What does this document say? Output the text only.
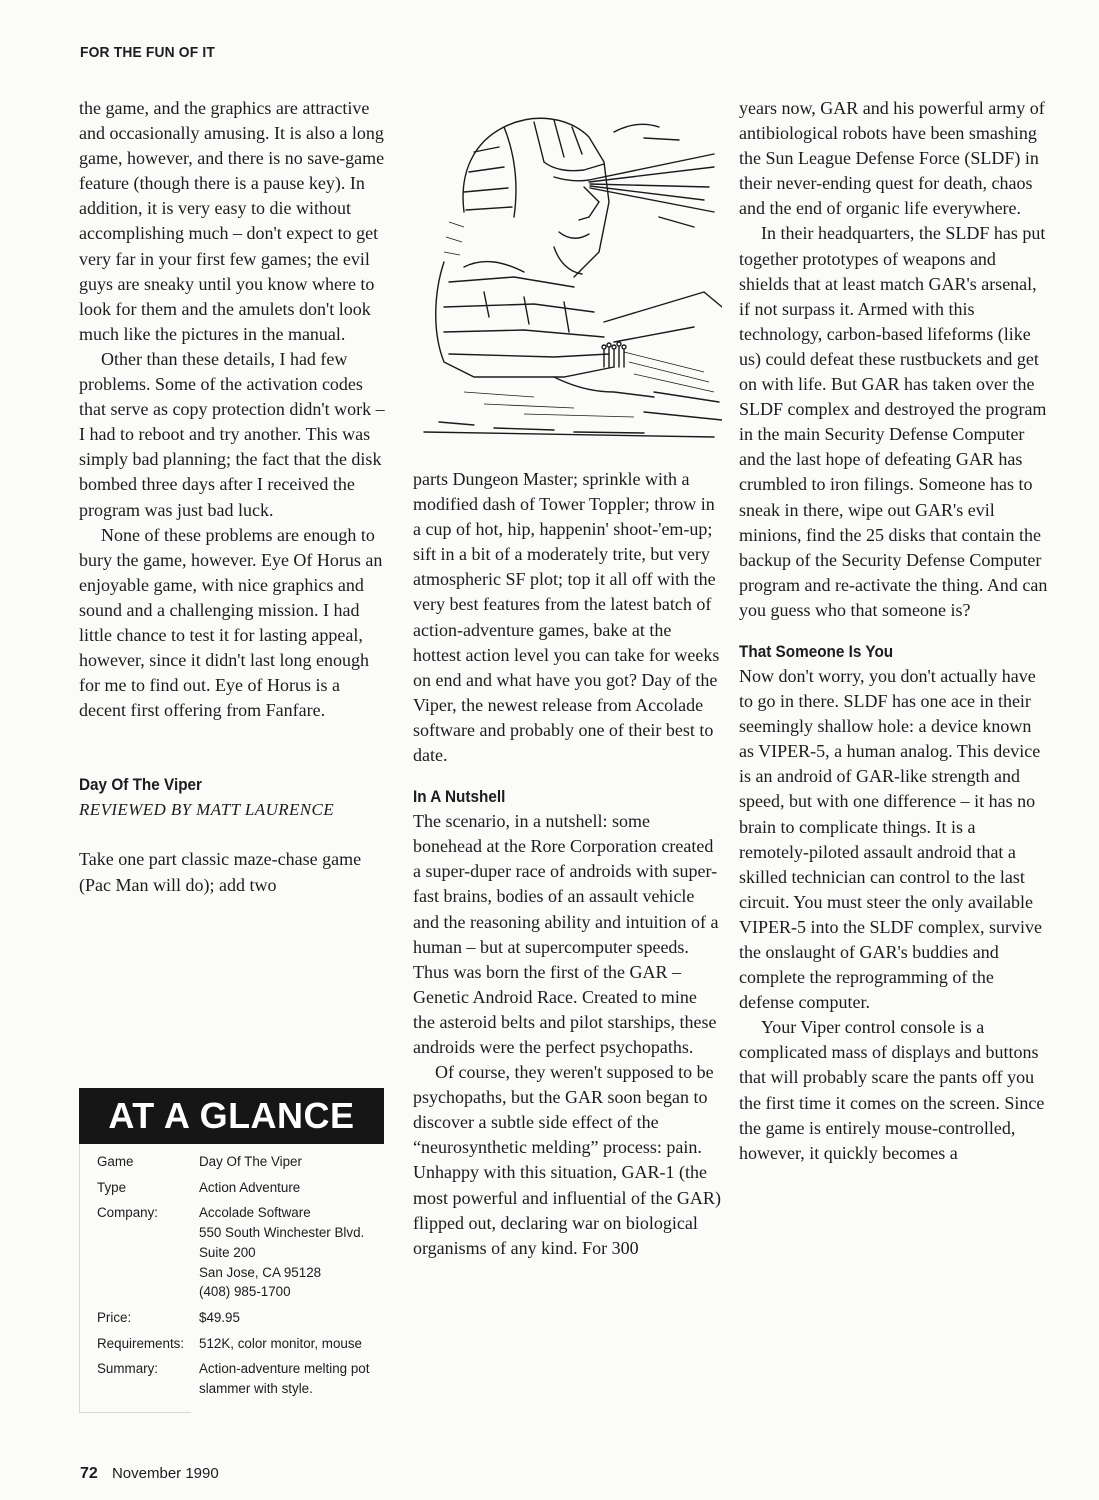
FOR THE FUN OF IT

the game, and the graphics are attractive and occasionally amusing. It is also a long game, however, and there is no save-game feature (though there is a pause key). In addition, it is very easy to die without accomplishing much – don't expect to get very far in your first few games; the evil guys are sneaky until you know where to look for them and the amulets don't look much like the pictures in the manual.

Other than these details, I had few problems. Some of the activation codes that serve as copy protection didn't work – I had to reboot and try another. This was simply bad planning; the fact that the disk bombed three days after I received the program was just bad luck.

None of these problems are enough to bury the game, however. Eye Of Horus an enjoyable game, with nice graphics and sound and a challenging mission. I had little chance to test it for lasting appeal, however, since it didn't last long enough for me to find out. Eye of Horus is a decent first offering from Fanfare.

Day Of The Viper
REVIEWED BY MATT LAURENCE

Take one part classic maze-chase game (Pac Man will do); add two

parts Dungeon Master; sprinkle with a modified dash of Tower Toppler; throw in a cup of hot, hip, happenin' shoot-'em-up; sift in a bit of a moderately trite, but very atmospheric SF plot; top it all off with the very best features from the latest batch of action-adventure games, bake at the hottest action level you can take for weeks on end and what have you got? Day of the Viper, the newest release from Accolade software and probably one of their best to date.

In A Nutshell

The scenario, in a nutshell: some bonehead at the Rore Corporation created a super-duper race of androids with super-fast brains, bodies of an assault vehicle and the reasoning ability and intuition of a human – but at supercomputer speeds. Thus was born the first of the GAR – Genetic Android Race. Created to mine the asteroid belts and pilot starships, these androids were the perfect psychopaths.

Of course, they weren't supposed to be psychopaths, but the GAR soon began to discover a subtle side effect of the “neurosynthetic melding” process: pain. Unhappy with this situation, GAR-1 (the most powerful and influential of the GAR) flipped out, declaring war on biological organisms of any kind. For 300

years now, GAR and his powerful army of antibiological robots have been smashing the Sun League Defense Force (SLDF) in their never-ending quest for death, chaos and the end of organic life everywhere.

In their headquarters, the SLDF has put together prototypes of weapons and shields that at least match GAR's arsenal, if not surpass it. Armed with this technology, carbon-based lifeforms (like us) could defeat these rustbuckets and get on with life. But GAR has taken over the SLDF complex and destroyed the program in the main Security Defense Computer and the last hope of defeating GAR has crumbled to iron filings. Someone has to sneak in there, wipe out GAR's evil minions, find the 25 disks that contain the backup of the Security Defense Computer program and re-activate the thing. And can you guess who that someone is?

That Someone Is You

Now don't worry, you don't actually have to go in there. SLDF has one ace in their seemingly shallow hole: a device known as VIPER-5, a human analog. This device is an android of GAR-like strength and speed, but with one difference – it has no brain to complicate things. It is a remotely-piloted assault android that a skilled technician can control to the last circuit. You must steer the only available VIPER-5 into the SLDF complex, survive the onslaught of GAR's buddies and complete the reprogramming of the defense computer.

Your Viper control console is a complicated mass of displays and buttons that will probably scare the pants off you the first time it comes on the screen. Since the game is entirely mouse-controlled, however, it quickly becomes a

AT A GLANCE
Game	Day Of The Viper
Type	Action Adventure
Company:	Accolade Software
550 South Winchester Blvd.
Suite 200
San Jose, CA 95128
(408) 985-1700
Price:	$49.95
Requirements:	512K, color monitor, mouse
Summary:	Action-adventure melting pot
slammer with style.
72 November 1990
